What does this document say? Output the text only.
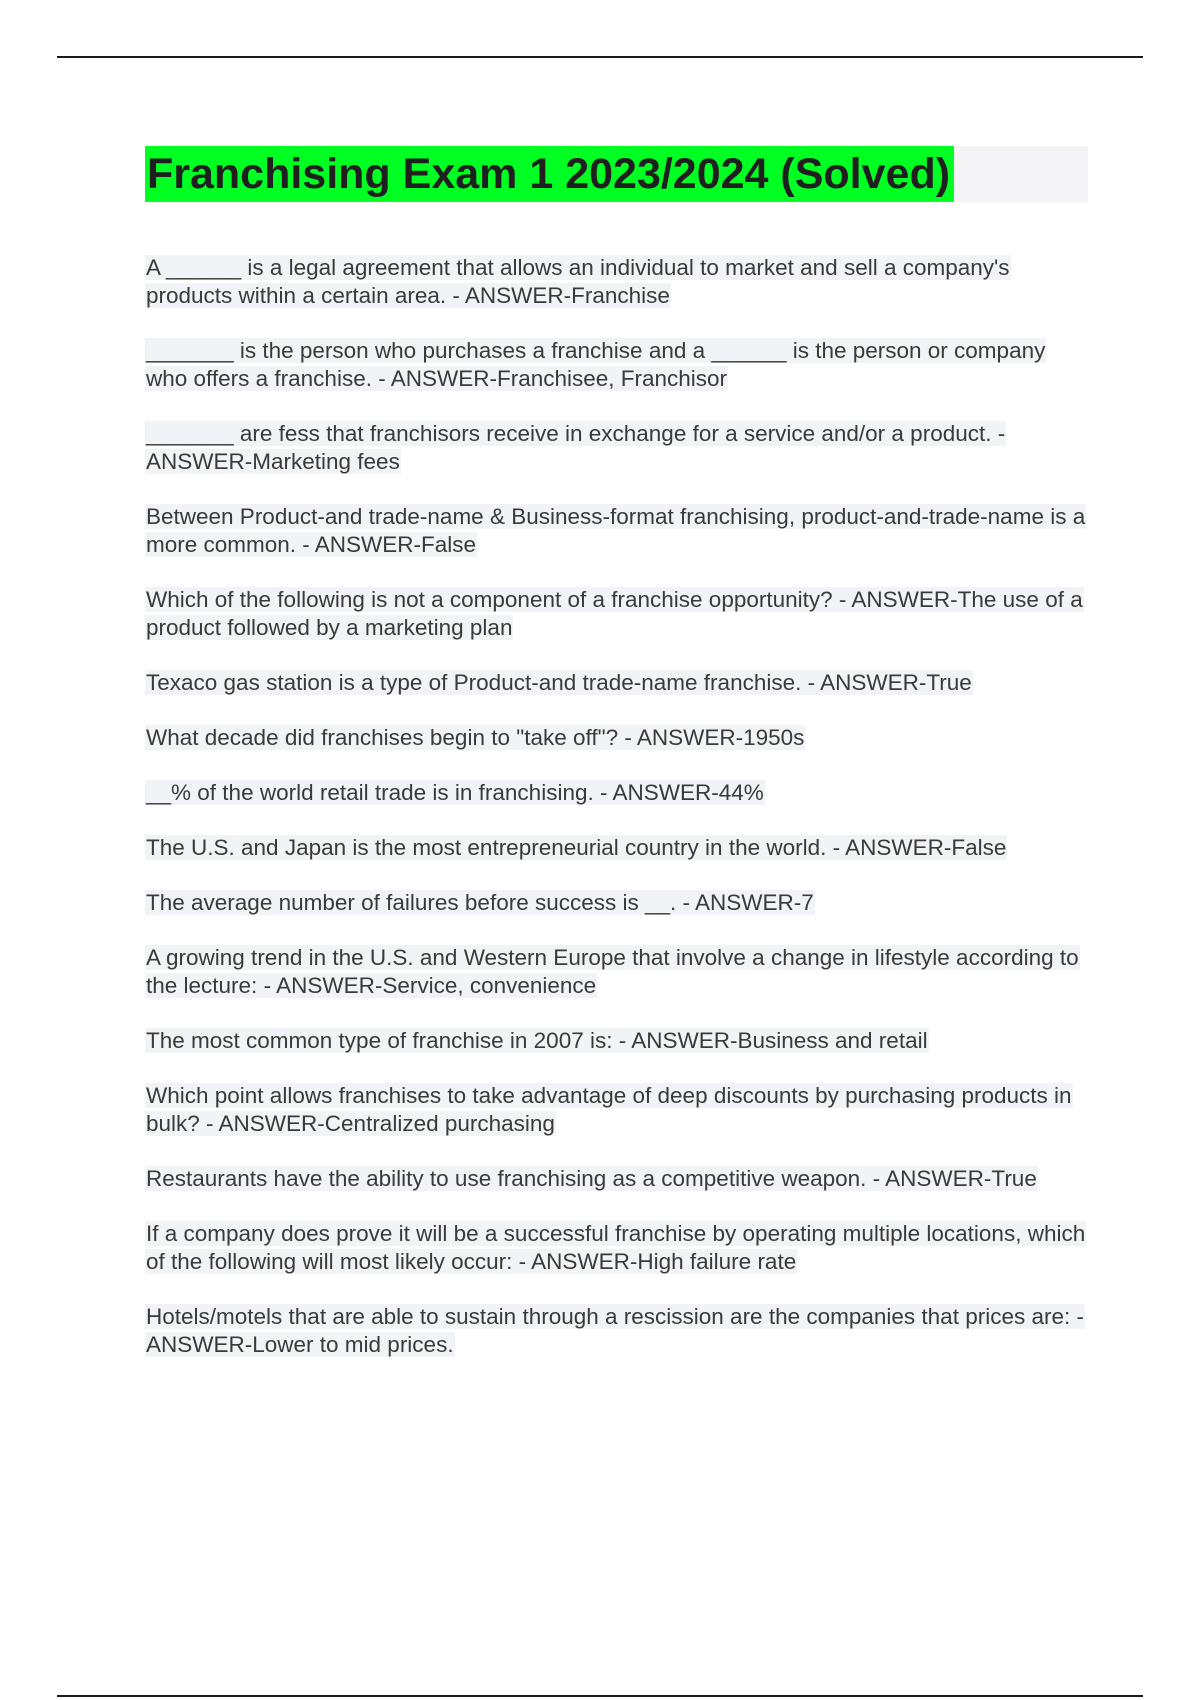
Franchising Exam 1 2023/2024 (Solved)

A ______ is a legal agreement that allows an individual to market and sell a company's products within a certain area. - ANSWER-Franchise

_______ is the person who purchases a franchise and a ______ is the person or company who offers a franchise. - ANSWER-Franchisee, Franchisor

_______ are fess that franchisors receive in exchange for a service and/or a product. - ANSWER-Marketing fees

Between Product-and trade-name & Business-format franchising, product-and-trade-name is a more common. - ANSWER-False

Which of the following is not a component of a franchise opportunity? - ANSWER-The use of a product followed by a marketing plan

Texaco gas station is a type of Product-and trade-name franchise. - ANSWER-True

What decade did franchises begin to "take off"? - ANSWER-1950s

__% of the world retail trade is in franchising. - ANSWER-44%

The U.S. and Japan is the most entrepreneurial country in the world. - ANSWER-False

The average number of failures before success is __. - ANSWER-7

A growing trend in the U.S. and Western Europe that involve a change in lifestyle according to the lecture: - ANSWER-Service, convenience

The most common type of franchise in 2007 is: - ANSWER-Business and retail

Which point allows franchises to take advantage of deep discounts by purchasing products in bulk? - ANSWER-Centralized purchasing

Restaurants have the ability to use franchising as a competitive weapon. - ANSWER-True

If a company does prove it will be a successful franchise by operating multiple locations, which of the following will most likely occur: - ANSWER-High failure rate

Hotels/motels that are able to sustain through a rescission are the companies that prices are: - ANSWER-Lower to mid prices.
